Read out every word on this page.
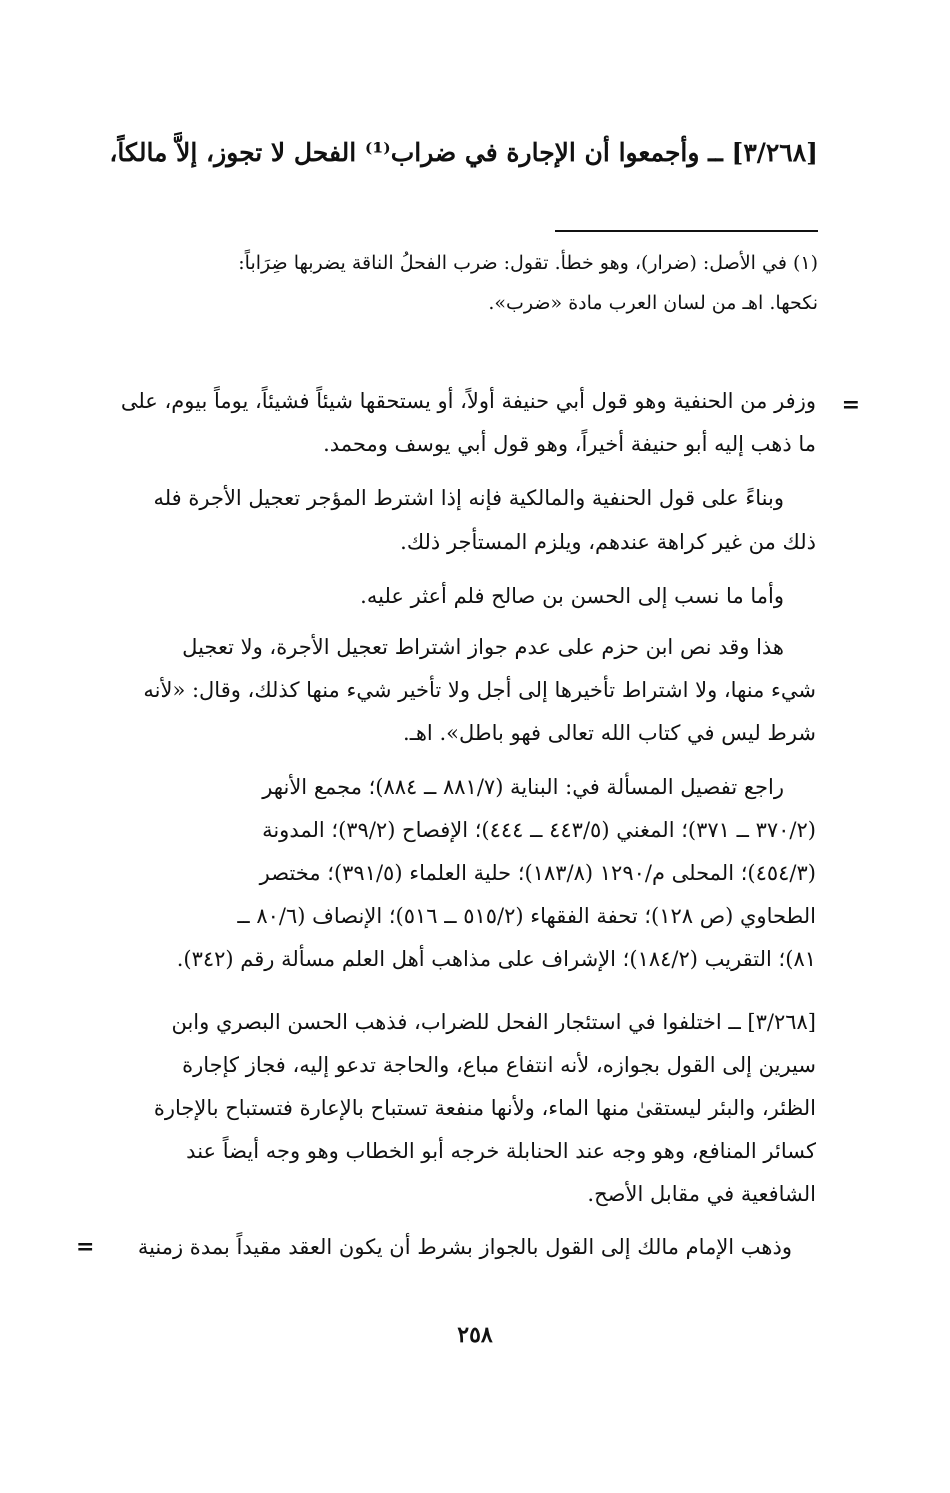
[٣/٢٦٨] ــ وأجمعوا أن الإجارة في ضراب⁽¹⁾ الفحل لا تجوز، إلاَّ مالكاً،
(١) في الأصل: (ضرار)، وهو خطأ. تقول: ضرب الفحلُ الناقة يضربها ضِرَاباً:
نكحها. اهـ من لسان العرب مادة «ضرب».
=
وزفر من الحنفية وهو قول أبي حنيفة أولاً، أو يستحقها شيئاً فشيئاً، يوماً بيوم، على
ما ذهب إليه أبو حنيفة أخيراً، وهو قول أبي يوسف ومحمد.
وبناءً على قول الحنفية والمالكية فإنه إذا اشترط المؤجر تعجيل الأجرة فله
ذلك من غير كراهة عندهم، ويلزم المستأجر ذلك.
وأما ما نسب إلى الحسن بن صالح فلم أعثر عليه.
هذا وقد نص ابن حزم على عدم جواز اشتراط تعجيل الأجرة، ولا تعجيل
شيء منها، ولا اشتراط تأخيرها إلى أجل ولا تأخير شيء منها كذلك، وقال: «لأنه
شرط ليس في كتاب الله تعالى فهو باطل». اهـ.
راجع تفصيل المسألة في: البناية (٨٨١/٧ ــ ٨٨٤)؛ مجمع الأنهر
(٣٧٠/٢ ــ ٣٧١)؛ المغني (٤٤٣/٥ ــ ٤٤٤)؛ الإفصاح (٣٩/٢)؛ المدونة
(٤٥٤/٣)؛ المحلى م/١٢٩٠ (١٨٣/٨)؛ حلية العلماء (٣٩١/٥)؛ مختصر
الطحاوي (ص ١٢٨)؛ تحفة الفقهاء (٥١٥/٢ ــ ٥١٦)؛ الإنصاف (٨٠/٦ ــ
٨١)؛ التقريب (١٨٤/٢)؛ الإشراف على مذاهب أهل العلم مسألة رقم (٣٤٢).
[٣/٢٦٨] ــ اختلفوا في استئجار الفحل للضراب، فذهب الحسن البصري وابن
سيرين إلى القول بجوازه، لأنه انتفاع مباع، والحاجة تدعو إليه، فجاز كإجارة
الظئر، والبئر ليستقىٰ منها الماء، ولأنها منفعة تستباح بالإعارة فتستباح بالإجارة
كسائر المنافع، وهو وجه عند الحنابلة خرجه أبو الخطاب وهو وجه أيضاً عند
الشافعية في مقابل الأصح.
وذهب الإمام مالك إلى القول بالجواز بشرط أن يكون العقد مقيداً بمدة زمنية
=
٢٥٨
